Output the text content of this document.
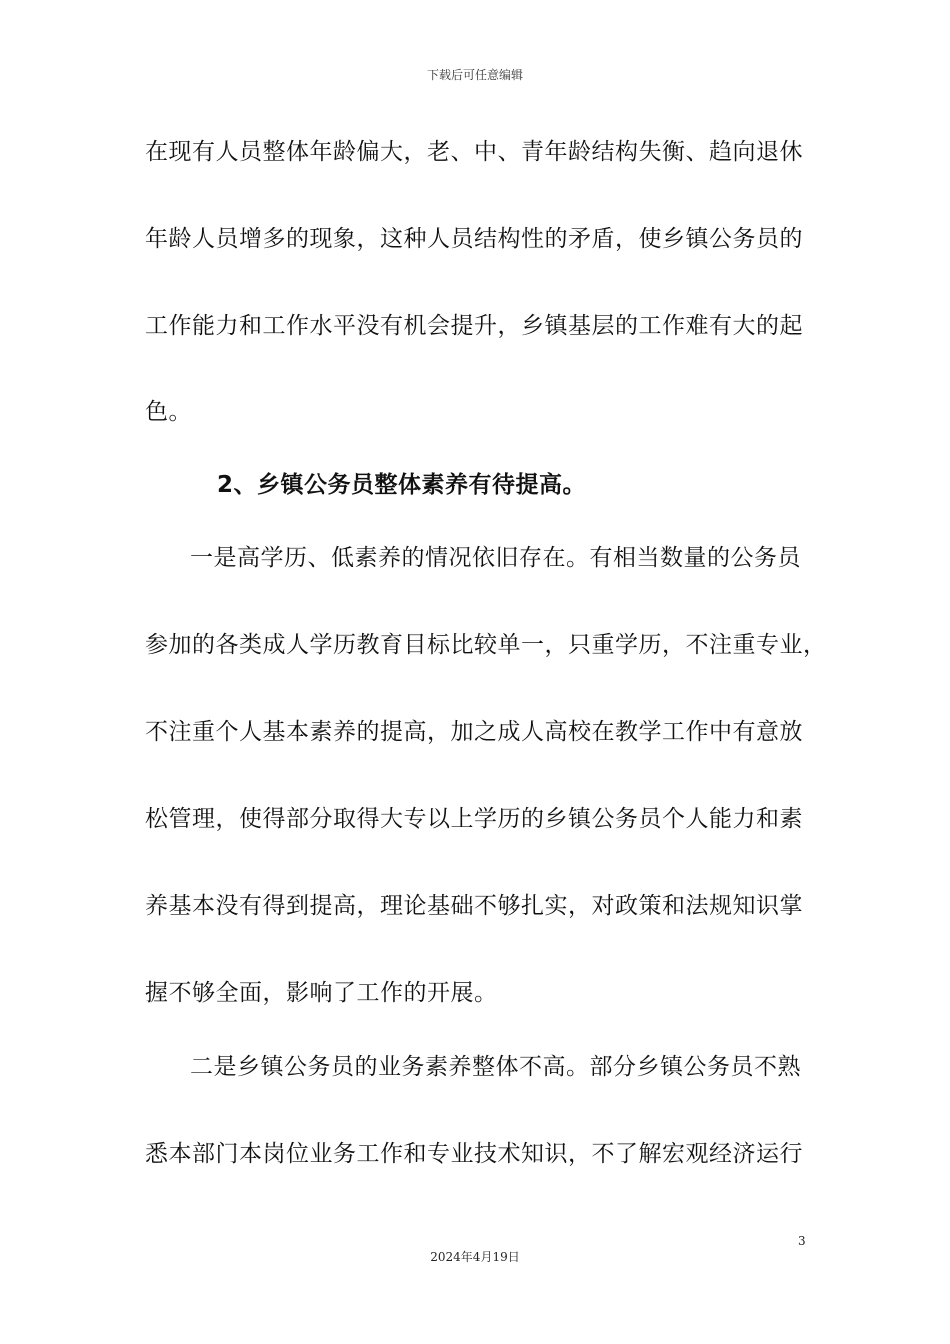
下载后可任意编辑
在现有人员整体年龄偏大，老、中、青年龄结构失衡、趋向退休
年龄人员增多的现象，这种人员结构性的矛盾，使乡镇公务员的
工作能力和工作水平没有机会提升，乡镇基层的工作难有大的起
色。
2、乡镇公务员整体素养有待提高。
一是高学历、低素养的情况依旧存在。有相当数量的公务员
参加的各类成人学历教育目标比较单一，只重学历，不注重专业，
不注重个人基本素养的提高，加之成人高校在教学工作中有意放
松管理，使得部分取得大专以上学历的乡镇公务员个人能力和素
养基本没有得到提高，理论基础不够扎实，对政策和法规知识掌
握不够全面，影响了工作的开展。
二是乡镇公务员的业务素养整体不高。部分乡镇公务员不熟
悉本部门本岗位业务工作和专业技术知识，不了解宏观经济运行
3
2024年4月19日
